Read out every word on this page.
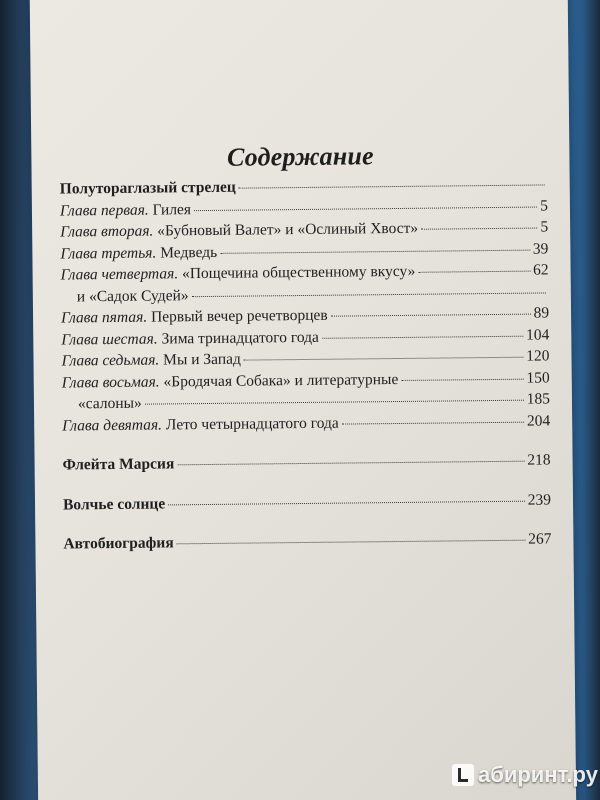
Содержание
Полутораглазый стрелец
Глава первая. Гилея	5
Глава вторая. «Бубновый Валет» и «Ослиный Хвост»	5
Глава третья. Медведь	39
Глава четвертая. «Пощечина общественному вкусу»	62
и «Садок Судей»
Глава пятая. Первый вечер речетворцев	89
Глава шестая. Зима тринадцатого года	104
Глава седьмая. Мы и Запад	120
Глава восьмая. «Бродячая Собака» и литературные	150
«салоны»	185
Глава девятая. Лето четырнадцатого года	204
Флейта Марсия	218
Волчье солнце	239
Автобиография	267
абиринт.ру
